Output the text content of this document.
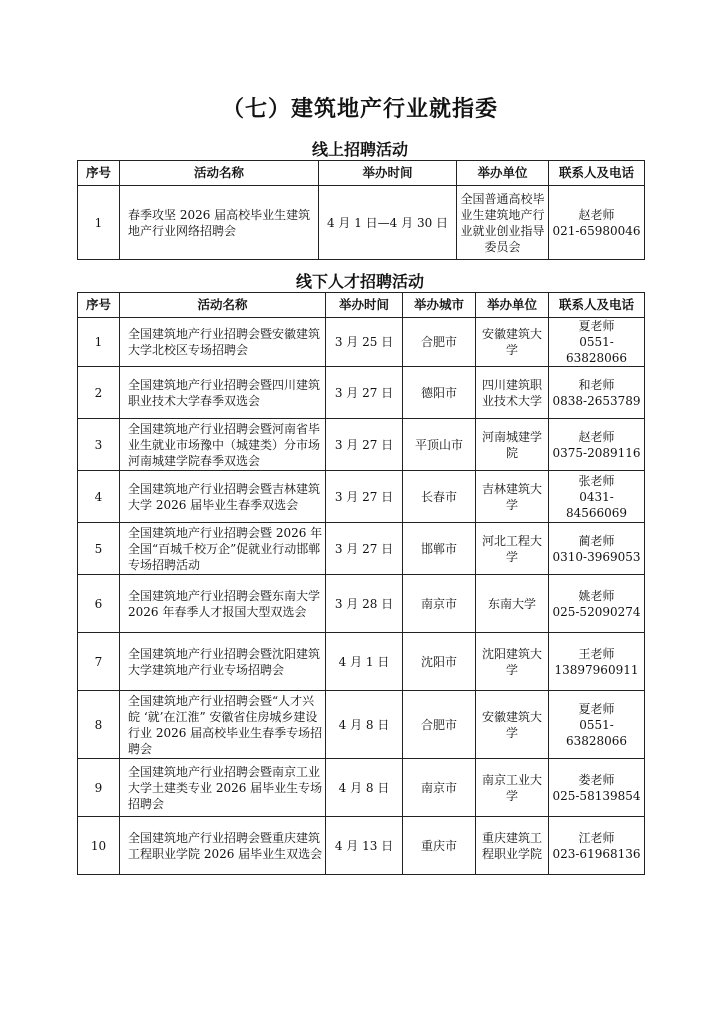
（七）建筑地产行业就指委
线上招聘活动
序号	活动名称	举办时间	举办单位	联系人及电话
1	春季攻坚 2026 届高校毕业生建筑地产行业网络招聘会	4 月 1 日—4 月 30 日	全国普通高校毕业生建筑地产行业就业创业指导委员会	赵老师
021-65980046
线下人才招聘活动
序号	活动名称	举办时间	举办城市	举办单位	联系人及电话
1	全国建筑地产行业招聘会暨安徽建筑大学北校区专场招聘会	3 月 25 日	合肥市	安徽建筑大学	夏老师
0551-63828066

2	全国建筑地产行业招聘会暨四川建筑职业技术大学春季双选会	3 月 27 日	德阳市	四川建筑职业技术大学	和老师
0838-2653789

3	全国建筑地产行业招聘会暨河南省毕业生就业市场豫中（城建类）分市场河南城建学院春季双选会	3 月 27 日	平顶山市	河南城建学院	赵老师
0375-2089116

4	全国建筑地产行业招聘会暨吉林建筑大学 2026 届毕业生春季双选会	3 月 27 日	长春市	吉林建筑大学	张老师
0431-84566069

5	全国建筑地产行业招聘会暨 2026 年全国“百城千校万企”促就业行动邯郸专场招聘活动	3 月 27 日	邯郸市	河北工程大学	蔺老师
0310-3969053

6	全国建筑地产行业招聘会暨东南大学 2026 年春季人才报国大型双选会	3 月 28 日	南京市	东南大学	姚老师
025-52090274

7	全国建筑地产行业招聘会暨沈阳建筑大学建筑地产行业专场招聘会	4 月 1 日	沈阳市	沈阳建筑大学	王老师
13897960911

8	全国建筑地产行业招聘会暨“人才兴皖 ‘就’在江淮” 安徽省住房城乡建设行业 2026 届高校毕业生春季专场招聘会	4 月 8 日	合肥市	安徽建筑大学	夏老师
0551-63828066

9	全国建筑地产行业招聘会暨南京工业大学土建类专业 2026 届毕业生专场招聘会	4 月 8 日	南京市	南京工业大学	娄老师
025-58139854

10	全国建筑地产行业招聘会暨重庆建筑工程职业学院 2026 届毕业生双选会	4 月 13 日	重庆市	重庆建筑工程职业学院	江老师
023-61968136
